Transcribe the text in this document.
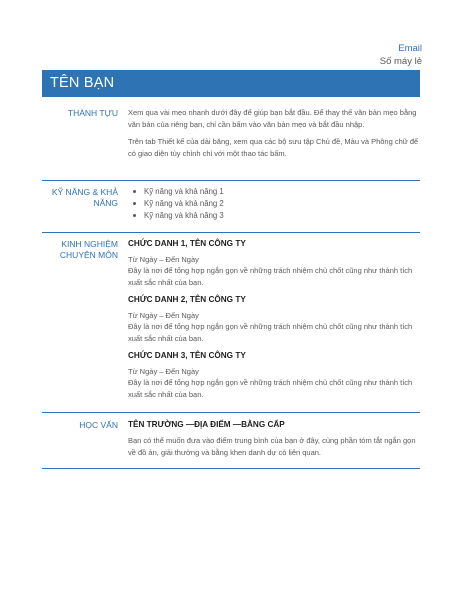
Email
Số máy lẻ
TÊN BẠN
THÀNH TỰU Xem qua vài mẹo nhanh dưới đây để giúp bạn bắt đầu. Để thay thế văn bản mẹo bằng văn bản của riêng bạn, chỉ cần bấm vào văn bản mẹo và bắt đầu nhập.

Trên tab Thiết kế của dải băng, xem qua các bộ sưu tập Chủ đề, Màu và Phông chữ để có giao diện tùy chỉnh chỉ với một thao tác bấm.

KỸ NĂNG & KHẢ NĂNG
Kỹ năng và khả năng 1
Kỹ năng và khả năng 2
Kỹ năng và khả năng 3
KINH NGHIỆM CHUYÊN MÔN
CHỨC DANH 1, TÊN CÔNG TY
Từ Ngày – Đến Ngày
Đây là nơi để tổng hợp ngắn gọn về những trách nhiệm chủ chốt cũng như thành tích xuất sắc nhất của bạn.
CHỨC DANH 2, TÊN CÔNG TY
Từ Ngày – Đến Ngày
Đây là nơi để tổng hợp ngắn gọn về những trách nhiệm chủ chốt cũng như thành tích xuất sắc nhất của bạn.
CHỨC DANH 3, TÊN CÔNG TY
Từ Ngày – Đến Ngày
Đây là nơi để tổng hợp ngắn gọn về những trách nhiệm chủ chốt cũng như thành tích xuất sắc nhất của bạn.
HỌC VẤN TÊN TRƯỜNG —ĐỊA ĐIỂM —BẰNG CẤP
Bạn có thể muốn đưa vào điểm trung bình của bạn ở đây, cùng phần tóm tắt ngắn gọn về đồ án, giải thưởng và bằng khen danh dự có liên quan.
